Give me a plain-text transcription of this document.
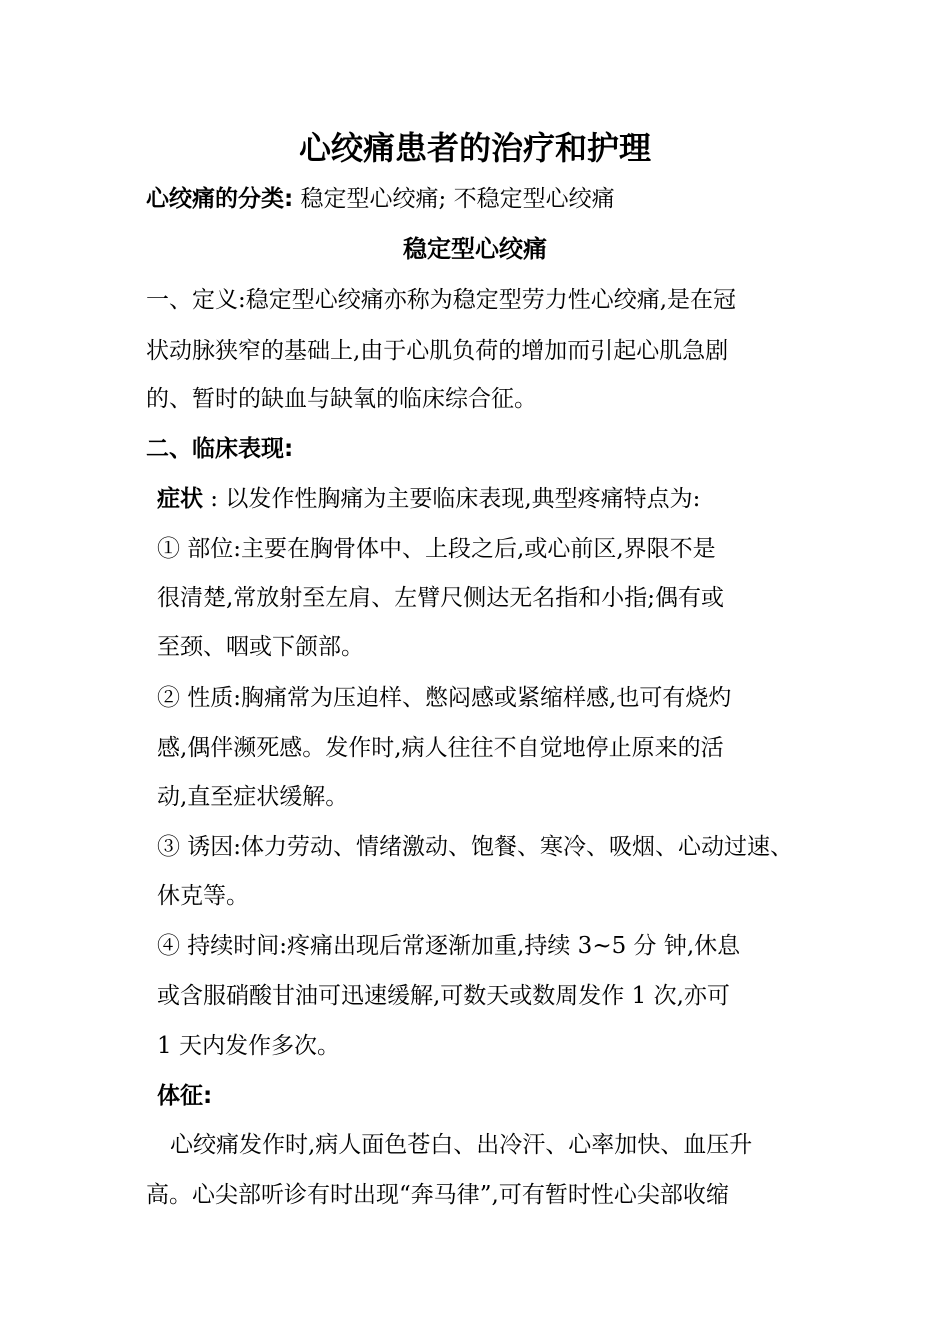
心绞痛患者的治疗和护理
心绞痛的分类: 稳定型心绞痛; 不稳定型心绞痛
稳定型心绞痛
一、定义:稳定型心绞痛亦称为稳定型劳力性心绞痛,是在冠
状动脉狭窄的基础上,由于心肌负荷的增加而引起心肌急剧
的、暂时的缺血与缺氧的临床综合征。
二、临床表现:
症状 : 以发作性胸痛为主要临床表现,典型疼痛特点为:
① 部位:主要在胸骨体中、上段之后,或心前区,界限不是
很清楚,常放射至左肩、左臂尺侧达无名指和小指;偶有或
至颈、咽或下颌部。
② 性质:胸痛常为压迫样、憋闷感或紧缩样感,也可有烧灼
感,偶伴濒死感。发作时,病人往往不自觉地停止原来的活
动,直至症状缓解。
③ 诱因:体力劳动、情绪激动、饱餐、寒冷、吸烟、心动过速、
休克等。
④ 持续时间:疼痛出现后常逐渐加重,持续 3~5 分 钟,休息
或含服硝酸甘油可迅速缓解,可数天或数周发作 1 次,亦可
1 天内发作多次。
体征:
心绞痛发作时,病人面色苍白、出冷汗、心率加快、血压升
高。心尖部听诊有时出现“奔马律”,可有暂时性心尖部收缩
